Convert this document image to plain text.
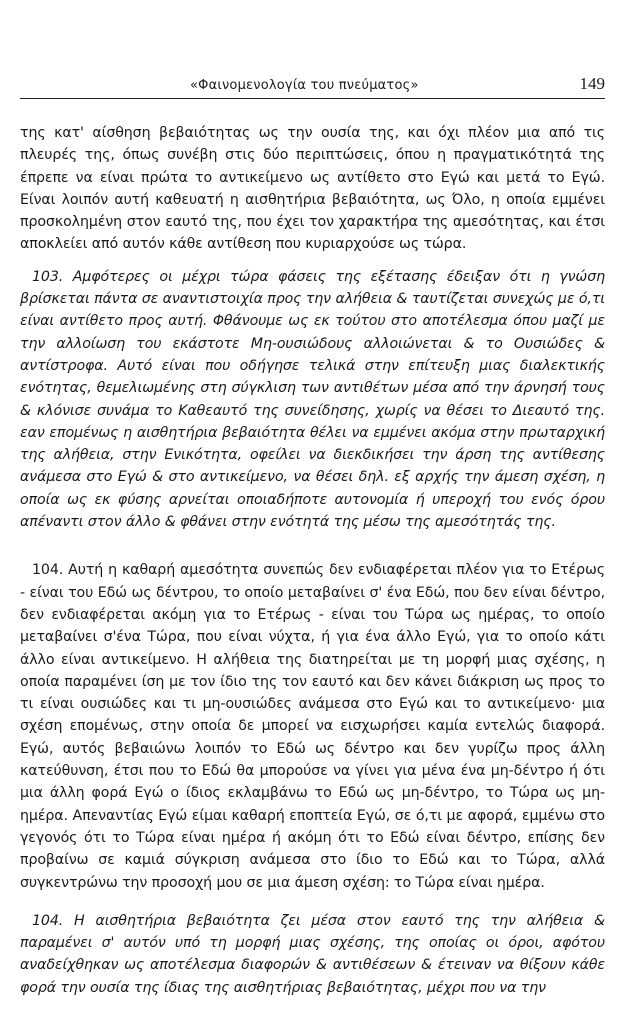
«Φαινομενολογία του πνεύματος»	149

της κατ' αίσθηση βεβαιότητας ως την ουσία της, και όχι πλέον μια από τις πλευρές της, όπως συνέβη στις δύο περιπτώσεις, όπου η πραγματικότητά της έπρεπε να είναι πρώτα το αντικείμενο ως αντίθετο στο Εγώ και μετά το Εγώ. Είναι λοιπόν αυτή καθευατή η αισθητήρια βεβαιότητα, ως Όλο, η οποία εμμένει προσκολημένη στον εαυτό της, που έχει τον χαρακτήρα της αμεσότητας, και έτσι αποκλείει από αυτόν κάθε αντίθεση που κυριαρχούσε ως τώρα.

103. Αμφότερες οι μέχρι τώρα φάσεις της εξέτασης έδειξαν ότι η γνώση βρίσκεται πάντα σε αναντιστοιχία προς την αλήθεια & ταυτίζεται συνεχώς με ό,τι είναι αντίθετο προς αυτή. Φθάνουμε ως εκ τούτου στο αποτέλεσμα όπου μαζί με την αλλοίωση του εκάστοτε Μη-ουσιώδους αλλοιώνεται & το Ουσιώδες & αντίστροφα. Αυτό είναι που οδήγησε τελικά στην επίτευξη μιας διαλεκτικής ενότητας, θεμελιωμένης στη σύγκλιση των αντιθέτων μέσα από την άρνησή τους & κλόνισε συνάμα το Καθεαυτό της συνείδησης, χωρίς να θέσει το Διεαυτό της. εαν επομένως η αισθητήρια βεβαιότητα θέλει να εμμένει ακόμα στην πρωταρχική της αλήθεια, στην Ενικότητα, οφείλει να διεκδικήσει την άρση της αντίθεσης ανάμεσα στο Εγώ & στο αντικείμενο, να θέσει δηλ. εξ αρχής την άμεση σχέση, η οποία ως εκ φύσης αρνείται οποιαδήποτε αυτονομία ή υπεροχή του ενός όρου απέναντι στον άλλο & φθάνει στην ενότητά της μέσω της αμεσότητάς της.

104. Αυτή η καθαρή αμεσότητα συνεπώς δεν ενδιαφέρεται πλέον για το Ετέρως - είναι του Εδώ ως δέντρου, το οποίο μεταβαίνει σ' ένα Εδώ, που δεν είναι δέντρο, δεν ενδιαφέρεται ακόμη για το Ετέρως - είναι του Τώρα ως ημέρας, το οποίο μεταβαίνει σ'ένα Τώρα, που είναι νύχτα, ή για ένα άλλο Εγώ, για το οποίο κάτι άλλο είναι αντικείμενο. Η αλήθεια της διατηρείται με τη μορφή μιας σχέσης, η οποία παραμένει ίση με τον ίδιο της τον εαυτό και δεν κάνει διάκριση ως προς το τι είναι ουσιώδες και τι μη-ουσιώδες ανάμεσα στο Εγώ και το αντικείμενο· μια σχέση επομένως, στην οποία δε μπορεί να εισχωρήσει καμία εντελώς διαφορά. Εγώ, αυτός βεβαιώνω λοιπόν το Εδώ ως δέντρο και δεν γυρίζω προς άλλη κατεύθυνση, έτσι που το Εδώ θα μπορούσε να γίνει για μένα ένα μη-δέντρο ή ότι μια άλλη φορά Εγώ ο ίδιος εκλαμβάνω το Εδώ ως μη-δέντρο, το Τώρα ως μη-ημέρα. Απεναντίας Εγώ είμαι καθαρή εποπτεία Εγώ, σε ό,τι με αφορά, εμμένω στο γεγονός ότι το Τώρα είναι ημέρα ή ακόμη ότι το Εδώ είναι δέντρο, επίσης δεν προβαίνω σε καμιά σύγκριση ανάμεσα στο ίδιο το Εδώ και το Τώρα, αλλά συγκεντρώνω την προσοχή μου σε μια άμεση σχέση: το Τώρα είναι ημέρα.

104. Η αισθητήρια βεβαιότητα ζει μέσα στον εαυτό της την αλήθεια & παραμένει σ' αυτόν υπό τη μορφή μιας σχέσης, της οποίας οι όροι, αφότου αναδείχθηκαν ως αποτέλεσμα διαφορών & αντιθέσεων & έτειναν να θίξουν κάθε φορά την ουσία της ίδιας της αισθητήριας βεβαιότητας, μέχρι που να την
